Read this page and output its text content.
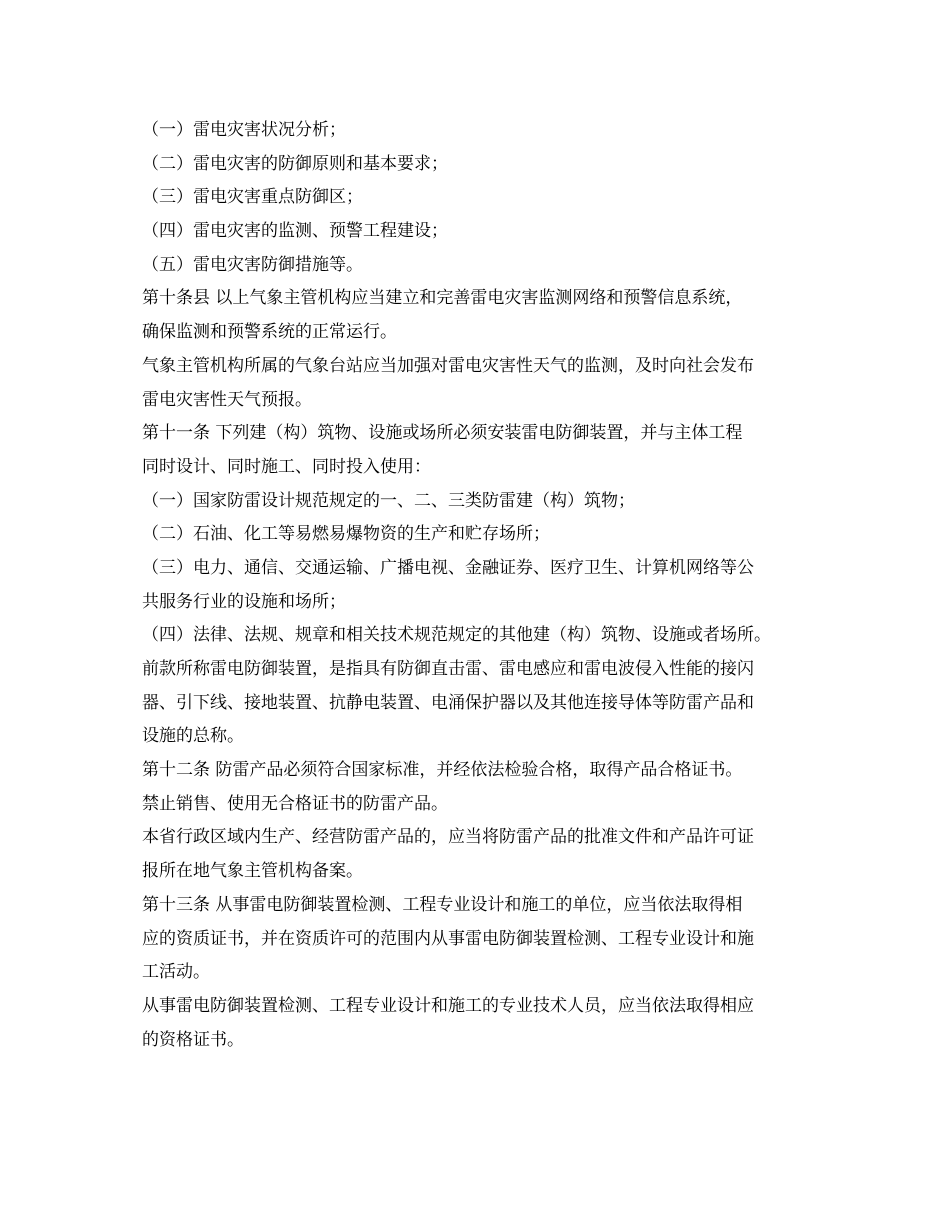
（一）雷电灾害状况分析；
（二）雷电灾害的防御原则和基本要求；
（三）雷电灾害重点防御区；
（四）雷电灾害的监测、预警工程建设；
（五）雷电灾害防御措施等。
第十条县 以上气象主管机构应当建立和完善雷电灾害监测网络和预警信息系统，
确保监测和预警系统的正常运行。
气象主管机构所属的气象台站应当加强对雷电灾害性天气的监测，及时向社会发布
雷电灾害性天气预报。
第十一条 下列建（构）筑物、设施或场所必须安装雷电防御装置，并与主体工程
同时设计、同时施工、同时投入使用：
（一）国家防雷设计规范规定的一、二、三类防雷建（构）筑物；
（二）石油、化工等易燃易爆物资的生产和贮存场所；
（三）电力、通信、交通运输、广播电视、金融证券、医疗卫生、计算机网络等公
共服务行业的设施和场所；
（四）法律、法规、规章和相关技术规范规定的其他建（构）筑物、设施或者场所。
前款所称雷电防御装置，是指具有防御直击雷、雷电感应和雷电波侵入性能的接闪
器、引下线、接地装置、抗静电装置、电涌保护器以及其他连接导体等防雷产品和
设施的总称。
第十二条 防雷产品必须符合国家标准，并经依法检验合格，取得产品合格证书。
禁止销售、使用无合格证书的防雷产品。
本省行政区域内生产、经营防雷产品的，应当将防雷产品的批准文件和产品许可证
报所在地气象主管机构备案。
第十三条 从事雷电防御装置检测、工程专业设计和施工的单位，应当依法取得相
应的资质证书，并在资质许可的范围内从事雷电防御装置检测、工程专业设计和施
工活动。
从事雷电防御装置检测、工程专业设计和施工的专业技术人员，应当依法取得相应
的资格证书。
